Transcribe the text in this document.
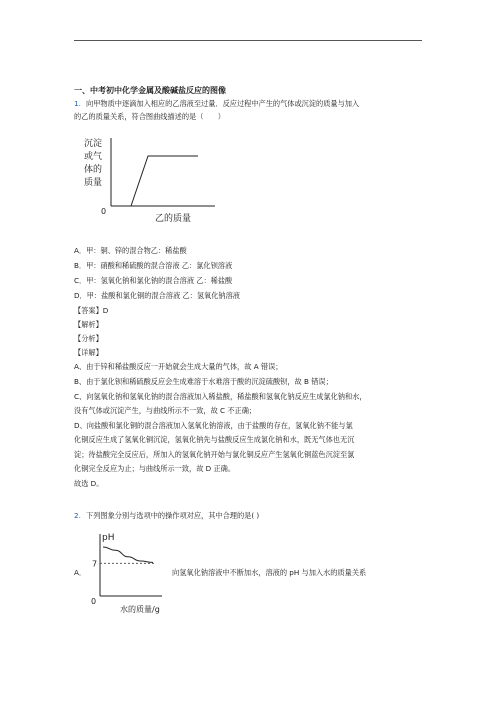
一、中考初中化学金属及酸碱盐反应的图像
1. 向甲物质中逐滴加入相应的乙溶液至过量．反应过程中产生的气体或沉淀的质量与加入
的乙的质量关系，符合图曲线描述的是（　　）
沉淀
或气
体的
质量
0
乙的质量
A．甲：铜、锌的混合物乙：稀盐酸
B．甲：硝酸和稀硫酸的混合溶液 乙：氯化钡溶液
C．甲：氢氧化钠和氯化钠的混合溶液 乙：稀盐酸
D．甲：盐酸和氯化铜的混合溶液 乙：氢氧化钠溶液
【答案】D
【解析】
【分析】
【详解】
A、由于锌和稀盐酸反应一开始就会生成大量的气体，故 A 错误；
B、由于氯化钡和稀硫酸反应会生成难溶于水难溶于酸的沉淀硫酸钡，故 B 错误；
C、向氢氧化钠和氢氧化钠的混合溶液加入稀盐酸，稀盐酸和氢氧化钠反应生成氯化钠和水，
没有气体或沉淀产生，与曲线所示不一致，故 C 不正确；
D、向盐酸和氯化铜的混合溶液加入氢氧化钠溶液，由于盐酸的存在，氢氧化钠不能与氯
化铜反应生成了氢氧化铜沉淀，氢氧化钠先与盐酸反应生成氯化钠和水，既无气体也无沉
淀；待盐酸完全反应后，所加入的氢氧化钠开始与氯化铜反应产生氢氧化铜蓝色沉淀至氯
化铜完全反应为止；与曲线所示一致，故 D 正确。
故选 D。
2. 下列图象分别与选项中的操作项对应，其中合理的是( )
A．
pH
7
0
水的质量/g
向氢氧化钠溶液中不断加水，溶液的 pH 与加入水的质量关系
